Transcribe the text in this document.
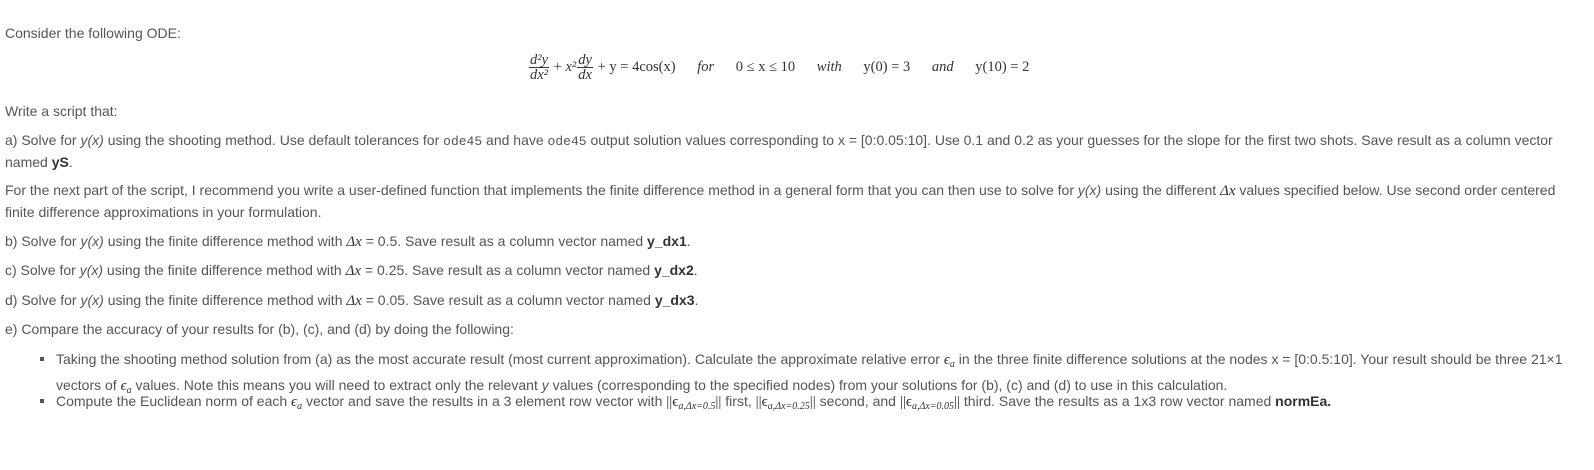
Consider the following ODE:
$\frac{\text{d²y}}{\text{dx²}} + x^2 \frac{dy}{dx} + y = 4\cos(x)$ for 0 ≤ x ≤ 10 with y(0) = 3 and y(10) = 2
Write a script that:
a) Solve for y(x) using the shooting method. Use default tolerances for ode45 and have ode45 output solution values corresponding to x = [0:0.05:10]. Use 0.1 and 0.2 as your guesses for the slope for the first two shots. Save result as a column vector
named yS.
For the next part of the script, I recommend you write a user-defined function that implements the finite difference method in a general form that you can then use to solve for y(x) using the different Δx values specified below. Use second order centered
finite difference approximations in your formulation.
b) Solve for y(x) using the finite difference method with Δx = 0.5. Save result as a column vector named y_dx1.
c) Solve for y(x) using the finite difference method with Δx = 0.25. Save result as a column vector named y_dx2.
d) Solve for y(x) using the finite difference method with Δx = 0.05. Save result as a column vector named y_dx3.
e) Compare the accuracy of your results for (b), (c), and (d) by doing the following:
Taking the shooting method solution from (a) as the most accurate result (most current approximation). Calculate the approximate relative error $\epsilon_a$ in the three finite difference solutions at the nodes x = [0:0.5:10]. Your result should be three 21×1
vectors of $\epsilon_a$ values. Note this means you will need to extract only the relevant y values (corresponding to the specified nodes) from your solutions for (b), (c) and (d) to use in this calculation.
Compute the Euclidean norm of each $\epsilon_a$ vector and save the results in a 3 element row vector with $||\epsilon_{a,\Delta x=0.5}||$ first, $||\epsilon_{a,\Delta x=0.25}||$ second, and $||\epsilon_{a,\Delta x=0.05}||$ third. Save the results as a 1x3 row vector named normEa.
